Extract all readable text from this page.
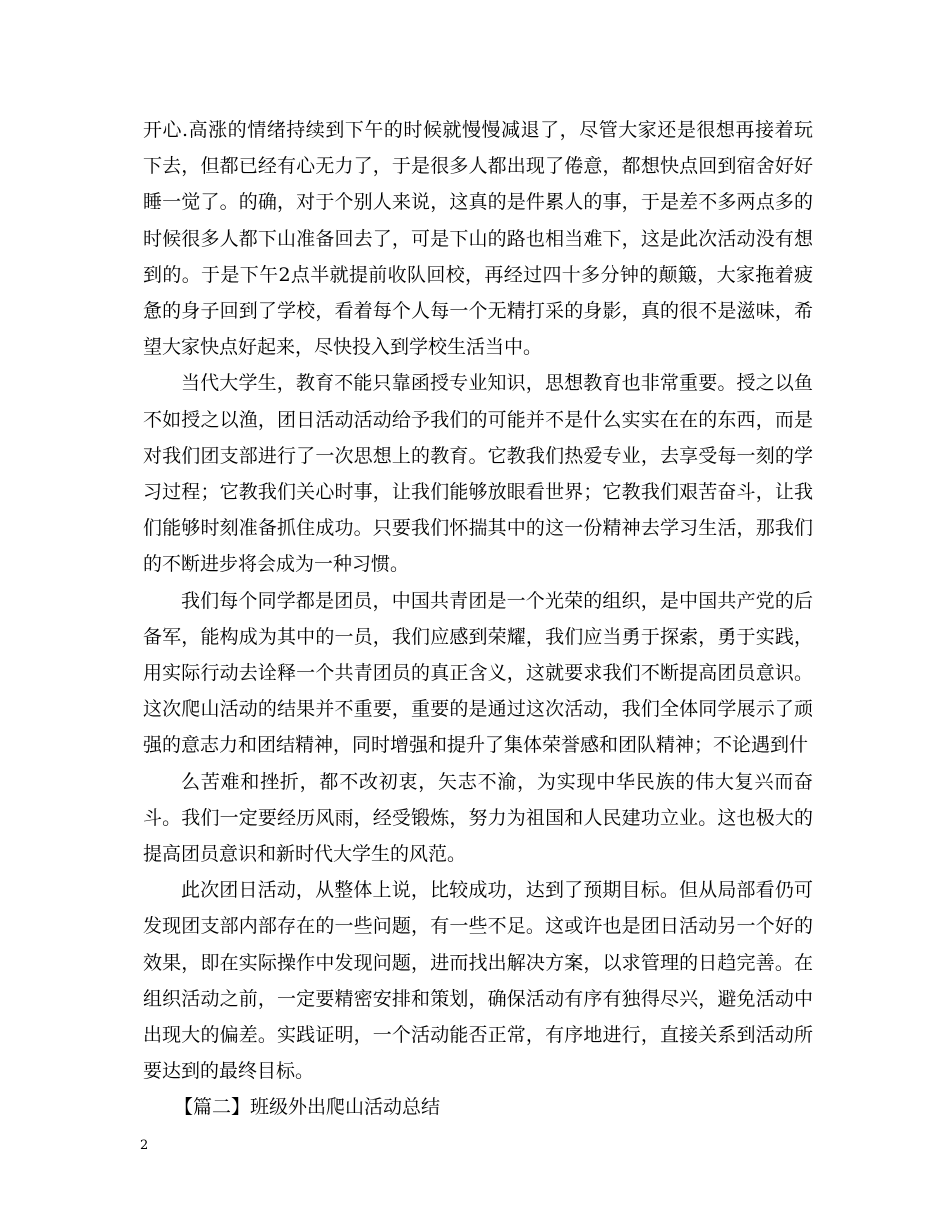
开心.高涨的情绪持续到下午的时候就慢慢减退了，尽管大家还是很想再接着玩下去，但都已经有心无力了，于是很多人都出现了倦意，都想快点回到宿舍好好睡一觉了。的确，对于个别人来说，这真的是件累人的事，于是差不多两点多的时候很多人都下山准备回去了，可是下山的路也相当难下，这是此次活动没有想到的。于是下午2点半就提前收队回校，再经过四十多分钟的颠簸，大家拖着疲惫的身子回到了学校，看着每个人每一个无精打采的身影，真的很不是滋味，希望大家快点好起来，尽快投入到学校生活当中。

当代大学生，教育不能只靠函授专业知识，思想教育也非常重要。授之以鱼不如授之以渔，团日活动活动给予我们的可能并不是什么实实在在的东西，而是对我们团支部进行了一次思想上的教育。它教我们热爱专业，去享受每一刻的学习过程；它教我们关心时事，让我们能够放眼看世界；它教我们艰苦奋斗，让我们能够时刻准备抓住成功。只要我们怀揣其中的这一份精神去学习生活，那我们的不断进步将会成为一种习惯。

我们每个同学都是团员，中国共青团是一个光荣的组织，是中国共产党的后备军，能构成为其中的一员，我们应感到荣耀，我们应当勇于探索，勇于实践，用实际行动去诠释一个共青团员的真正含义，这就要求我们不断提高团员意识。这次爬山活动的结果并不重要，重要的是通过这次活动，我们全体同学展示了顽强的意志力和团结精神，同时增强和提升了集体荣誉感和团队精神；不论遇到什

么苦难和挫折，都不改初衷，矢志不渝，为实现中华民族的伟大复兴而奋斗。我们一定要经历风雨，经受锻炼，努力为祖国和人民建功立业。这也极大的提高团员意识和新时代大学生的风范。

此次团日活动，从整体上说，比较成功，达到了预期目标。但从局部看仍可发现团支部内部存在的一些问题，有一些不足。这或许也是团日活动另一个好的效果，即在实际操作中发现问题，进而找出解决方案，以求管理的日趋完善。在组织活动之前，一定要精密安排和策划，确保活动有序有独得尽兴，避免活动中出现大的偏差。实践证明，一个活动能否正常，有序地进行，直接关系到活动所要达到的最终目标。

【篇二】班级外出爬山活动总结

2
